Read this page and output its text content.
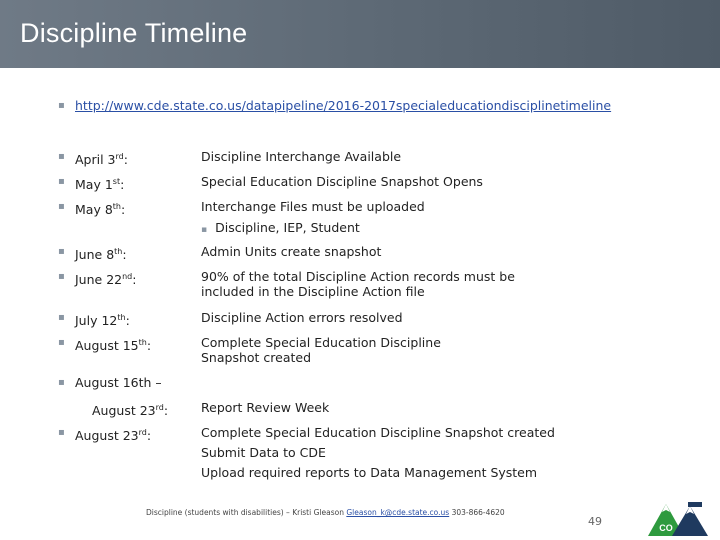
Discipline Timeline
▪ http://www.cde.state.co.us/datapipeline/2016-2017specialeducationdisciplinetimeline
▪ April 3rd:	Discipline Interchange Available
▪ May 1st:	Special Education Discipline Snapshot Opens
▪ May 8th:	Interchange Files must be uploaded
▪ Discipline, IEP, Student
▪ June 8th:	Admin Units create snapshot
▪ June 22nd:	90% of the total Discipline Action records must be
included in the Discipline Action file
▪ July 12th:	Discipline Action errors resolved
▪ August 15th:	Complete Special Education Discipline
Snapshot created
▪ August 16th –
August 23rd:	Report Review Week
▪ August 23rd:	Complete Special Education Discipline Snapshot created
Submit Data to CDE
Upload required reports to Data Management System
Discipline (students with disabilities) – Kristi Gleason Gleason_k@cde.state.co.us 303-866-4620
49	CO
